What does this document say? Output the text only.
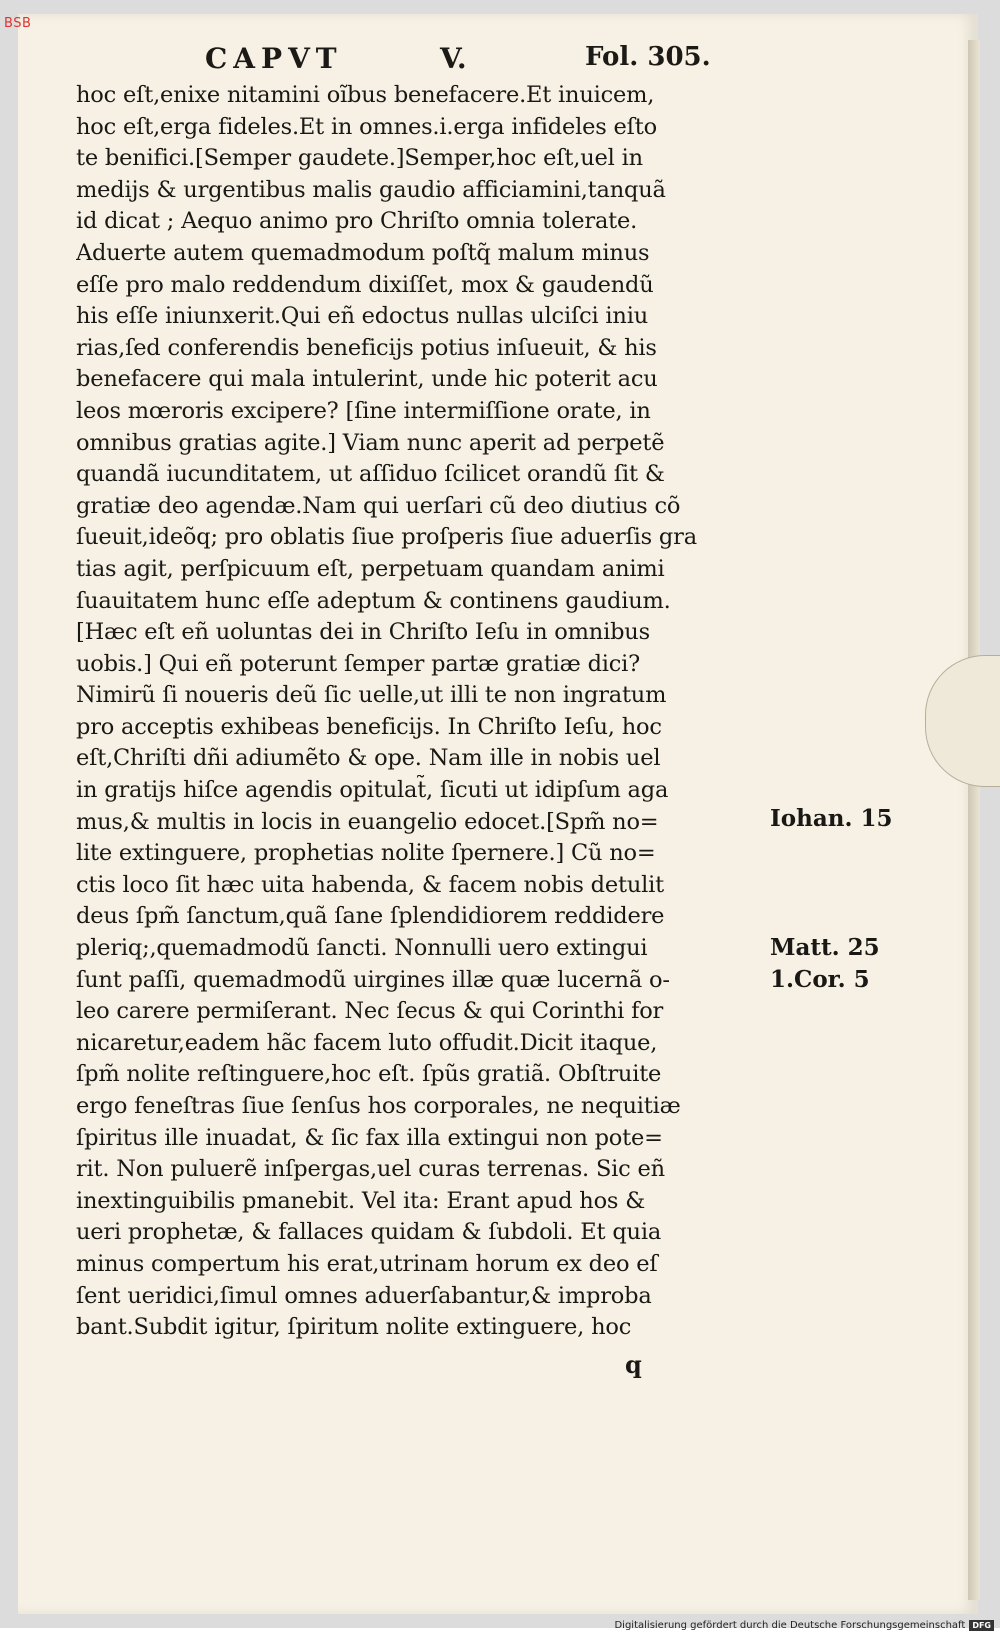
BSB
CAPVT	V.	Fol. 305.
hoc eſt,enixe nitamini oĩbus benefacere.Et inuicem,
hoc eſt,erga fideles.Et in omnes.i.erga infideles eſto
te benifici.[Semper gaudete.]Semper,hoc eſt,uel in
medijs & urgentibus malis gaudio afficiamini,tanquã
id dicat ; Aequo animo pro Chriſto omnia tolerate.
Aduerte autem quemadmodum poſtq̃ malum minus
eſſe pro malo reddendum dixiſſet, mox & gaudendũ
his eſſe iniunxerit.Qui eñ edoctus nullas ulciſci iniu
rias,ſed conferendis beneficijs potius inſueuit, & his
benefacere qui mala intulerint, unde hic poterit acu
leos mœroris excipere? [ſine intermiſſione orate, in
omnibus gratias agite.] Viam nunc aperit ad perpetẽ
quandã iucunditatem, ut aſſiduo ſcilicet orandũ ſit &
gratiæ deo agendæ.Nam qui uerſari cũ deo diutius cõ
ſueuit,ideõq; pro oblatis ſiue proſperis ſiue aduerſis gra
tias agit, perſpicuum eſt, perpetuam quandam animi
ſuauitatem hunc eſſe adeptum & continens gaudium.
[Hæc eſt eñ uoluntas dei in Chriſto Ieſu in omnibus
uobis.] Qui eñ poterunt ſemper partæ gratiæ dici?
Nimirũ ſi noueris deũ ſic uelle,ut illi te non ingratum
pro acceptis exhibeas beneficijs. In Chriſto Ieſu, hoc
eſt,Chriſti dñi adiumẽto & ope. Nam ille in nobis uel
in gratijs hiſce agendis opitulat̃, ſicuti ut idipſum aga
mus,& multis in locis in euangelio edocet.[Spm̃ no=
lite extinguere, prophetias nolite ſpernere.] Cũ no=
ctis loco ſit hæc uita habenda, & facem nobis detulit
deus ſpm̃ ſanctum,quã ſane ſplendidiorem reddidere
pleriq;,quemadmodũ ſancti. Nonnulli uero extingui
ſunt paſſi, quemadmodũ uirgines illæ quæ lucernã o-
leo carere permiſerant. Nec ſecus & qui Corinthi for
nicaretur,eadem hãc facem luto offudit.Dicit itaque,
ſpm̃ nolite reſtinguere,hoc eſt. ſpũs gratiã. Obſtruite
ergo feneſtras ſiue ſenſus hos corporales, ne nequitiæ
ſpiritus ille inuadat, & ſic fax illa extingui non pote=
rit. Non puluerẽ inſpergas,uel curas terrenas. Sic eñ
inextinguibilis pmanebit. Vel ita: Erant apud hos &
ueri prophetæ, & fallaces quidam & ſubdoli. Et quia
minus compertum his erat,utrinam horum ex deo eſ
ſent ueridici,ſimul omnes aduerſabantur,& improba
bant.Subdit igitur, ſpiritum nolite extinguere, hoc
Iohan. 15
Matt. 25
1.Cor. 5
q
Digitalisierung gefördert durch die Deutsche Forschungsgemeinschaft DFG
